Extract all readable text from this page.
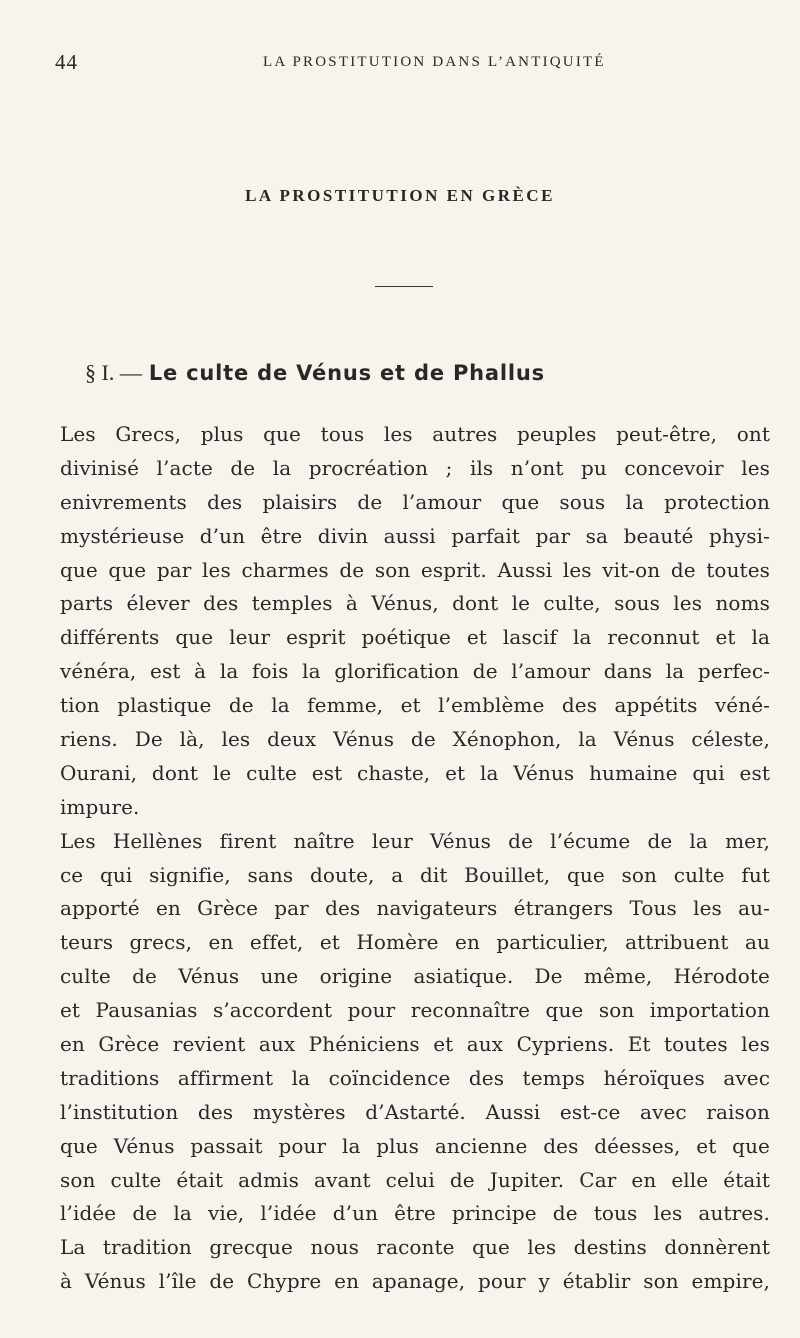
44	LA PROSTITUTION DANS L’ANTIQUITÉ
LA PROSTITUTION EN GRÈCE
§ I. — Le culte de Vénus et de Phallus
Les Grecs, plus que tous les autres peuples peut-être, ont
divinisé l’acte de la procréation ; ils n’ont pu concevoir les
enivrements des plaisirs de l’amour que sous la protection
mystérieuse d’un être divin aussi parfait par sa beauté physi-
que que par les charmes de son esprit. Aussi les vit-on de toutes
parts élever des temples à Vénus, dont le culte, sous les noms
différents que leur esprit poétique et lascif la reconnut et la
vénéra, est à la fois la glorification de l’amour dans la perfec-
tion plastique de la femme, et l’emblème des appétits véné-
riens. De là, les deux Vénus de Xénophon, la Vénus céleste,
Ourani, dont le culte est chaste, et la Vénus humaine qui est
impure.
Les Hellènes firent naître leur Vénus de l’écume de la mer,
ce qui signifie, sans doute, a dit Bouillet, que son culte fut
apporté en Grèce par des navigateurs étrangers Tous les au-
teurs grecs, en effet, et Homère en particulier, attribuent au
culte de Vénus une origine asiatique. De même, Hérodote
et Pausanias s’accordent pour reconnaître que son importation
en Grèce revient aux Phéniciens et aux Cypriens. Et toutes les
traditions affirment la coïncidence des temps héroïques avec
l’institution des mystères d’Astarté. Aussi est-ce avec raison
que Vénus passait pour la plus ancienne des déesses, et que
son culte était admis avant celui de Jupiter. Car en elle était
l’idée de la vie, l’idée d’un être principe de tous les autres.
La tradition grecque nous raconte que les destins donnèrent
à Vénus l’île de Chypre en apanage, pour y établir son empire,
